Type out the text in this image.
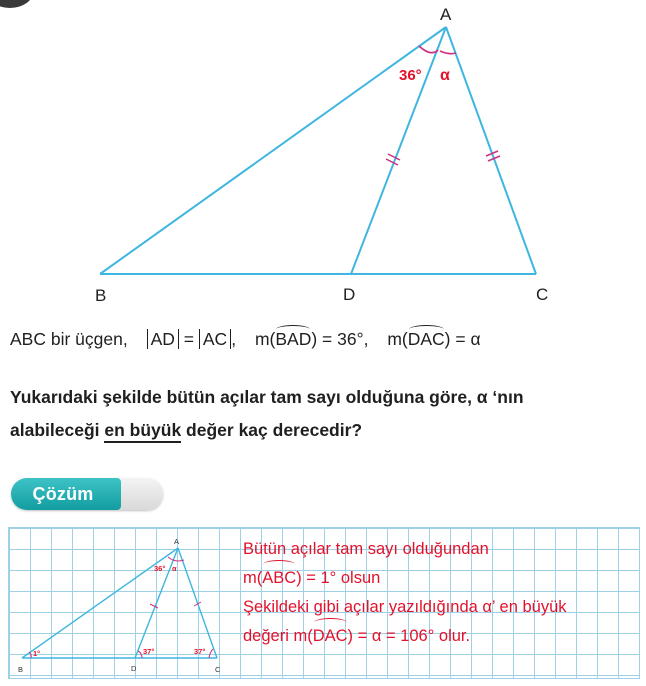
A
B	D	C
36° α
ABC bir üçgen, AD = AC , m(BAD) = 36°, m(DAC) = α
Yukarıdaki şekilde bütün açılar tam sayı olduğuna göre, α ‘nın
alabileceği en büyük değer kaç derecedir?
Çözüm
A
B	D	C
1°
36° α
37°	37°
Bütün açılar tam sayı olduğundan
m(ABC) = 1° olsun
Şekildeki gibi açılar yazıldığında α’ en büyük
değeri m(DAC) = α = 106° olur.
